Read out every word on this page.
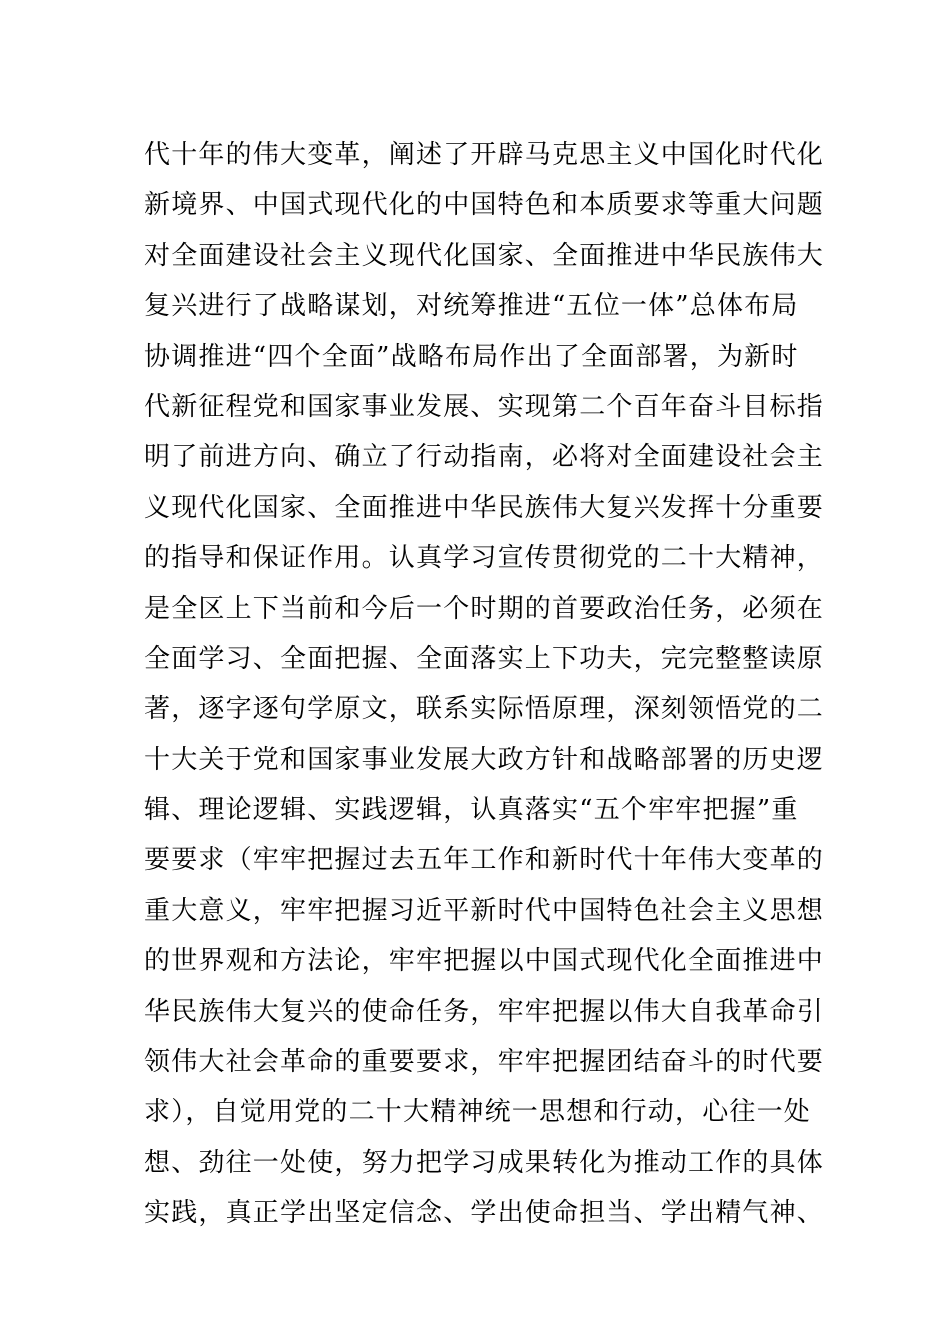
代十年的伟大变革，阐述了开辟马克思主义中国化时代化
新境界、中国式现代化的中国特色和本质要求等重大问题
对全面建设社会主义现代化国家、全面推进中华民族伟大
复兴进行了战略谋划，对统筹推进“五位一体”总体布局
协调推进“四个全面”战略布局作出了全面部署，为新时
代新征程党和国家事业发展、实现第二个百年奋斗目标指
明了前进方向、确立了行动指南，必将对全面建设社会主
义现代化国家、全面推进中华民族伟大复兴发挥十分重要
的指导和保证作用。认真学习宣传贯彻党的二十大精神，
是全区上下当前和今后一个时期的首要政治任务，必须在
全面学习、全面把握、全面落实上下功夫，完完整整读原
著，逐字逐句学原文，联系实际悟原理，深刻领悟党的二
十大关于党和国家事业发展大政方针和战略部署的历史逻
辑、理论逻辑、实践逻辑，认真落实“五个牢牢把握”重
要要求（牢牢把握过去五年工作和新时代十年伟大变革的
重大意义，牢牢把握习近平新时代中国特色社会主义思想
的世界观和方法论，牢牢把握以中国式现代化全面推进中
华民族伟大复兴的使命任务，牢牢把握以伟大自我革命引
领伟大社会革命的重要要求，牢牢把握团结奋斗的时代要
求），自觉用党的二十大精神统一思想和行动，心往一处
想、劲往一处使，努力把学习成果转化为推动工作的具体
实践，真正学出坚定信念、学出使命担当、学出精气神、
